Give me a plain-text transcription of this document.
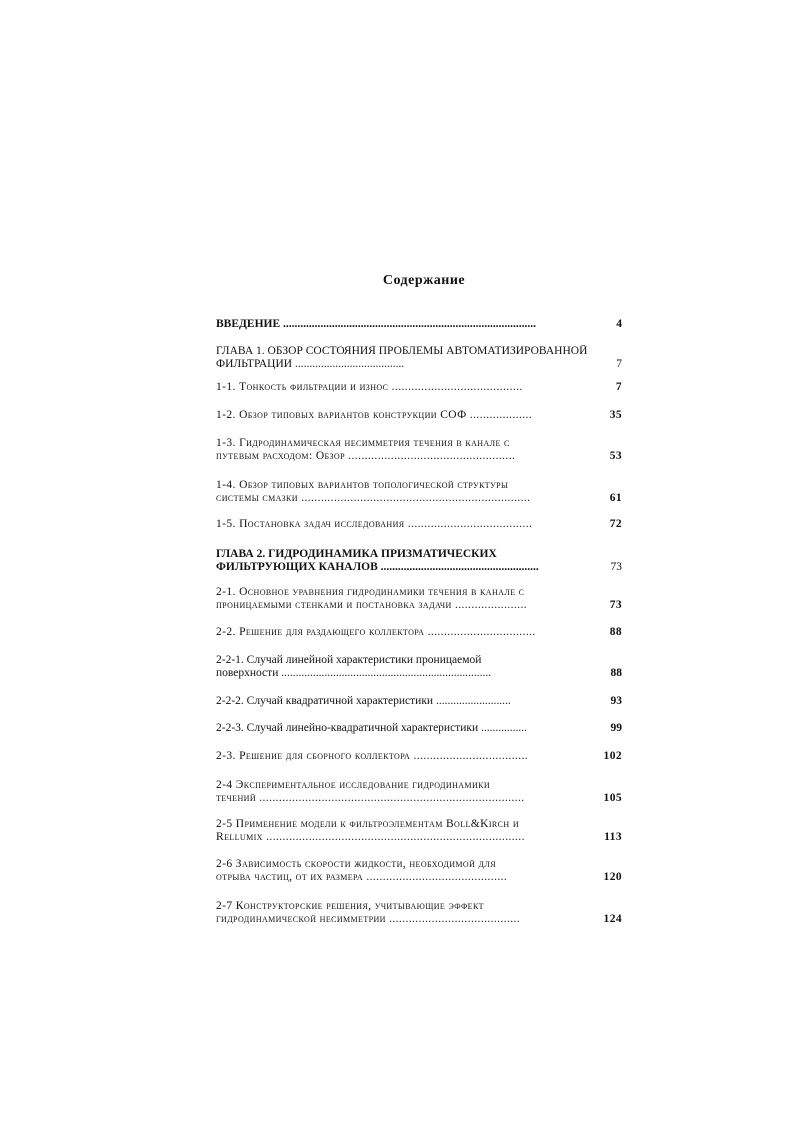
Содержание
ВВЕДЕНИЕ ........................................................................................	4
ГЛАВА 1. ОБЗОР СОСТОЯНИЯ ПРОБЛЕМЫ АВТОМАТИЗИРОВАННОЙ
ФИЛЬТРАЦИИ ......................................	7
1-1. Тонкость фильтрации и износ ........................................	7
1-2. Обзор типовых вариантов конструкции СОФ ...................	35
1-3. Гидродинамическая несимметрия течения в канале с
путевым расходом: Обзор ...................................................	53
1-4. Обзор типовых вариантов топологической структуры
системы смазки ......................................................................	61
1-5. Постановка задач исследования ......................................	72
ГЛАВА 2. ГИДРОДИНАМИКА ПРИЗМАТИЧЕСКИХ
ФИЛЬТРУЮЩИХ КАНАЛОВ .......................................................	73
2-1. Основное уравнения гидродинамики течения в канале с
проницаемыми стенками и постановка задачи ......................	73
2-2. Решение для раздающего коллектора .................................	88
2-2-1. Случай линейной характеристики проницаемой
поверхности .........................................................................	88
2-2-2. Случай квадратичной характеристики ..........................	93
2-2-3. Случай линейно-квадратичной характеристики ................	99
2-3. Решение для сборного коллектора ...................................	102
2-4 Экспериментальное исследование гидродинамики
течений .................................................................................	105
2-5 Применение модели к фильтроэлементам Boll&Kirch и
Rellumix ...............................................................................	113
2-6 Зависимость скорости жидкости, необходимой для
отрыва частиц, от их размера ...........................................	120
2-7 Конструкторские решения, учитывающие эффект
гидродинамической несимметрии ........................................	124
